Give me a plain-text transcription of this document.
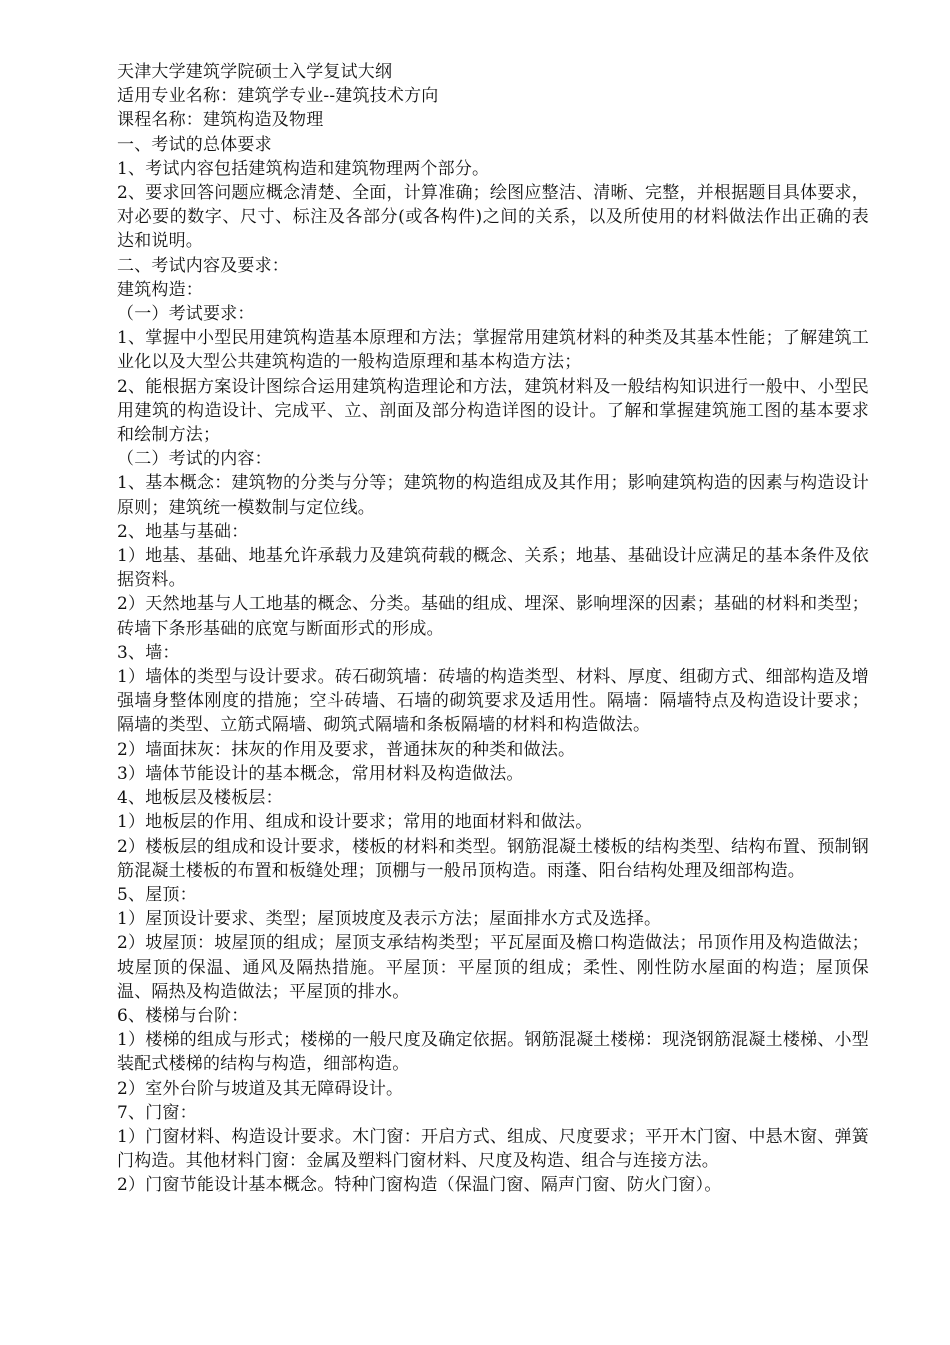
天津大学建筑学院硕士入学复试大纲

适用专业名称：建筑学专业--建筑技术方向

课程名称：建筑构造及物理

一、考试的总体要求

1、考试内容包括建筑构造和建筑物理两个部分。

2、要求回答问题应概念清楚、全面，计算准确；绘图应整洁、清晰、完整，并根据题目具体要求，对必要的数字、尺寸、标注及各部分(或各构件)之间的关系，以及所使用的材料做法作出正确的表达和说明。

二、考试内容及要求：

建筑构造：

（一）考试要求：

1、掌握中小型民用建筑构造基本原理和方法；掌握常用建筑材料的种类及其基本性能；了解建筑工业化以及大型公共建筑构造的一般构造原理和基本构造方法；

2、能根据方案设计图综合运用建筑构造理论和方法，建筑材料及一般结构知识进行一般中、小型民用建筑的构造设计、完成平、立、剖面及部分构造详图的设计。了解和掌握建筑施工图的基本要求和绘制方法；

（二）考试的内容：

1、基本概念：建筑物的分类与分等；建筑物的构造组成及其作用；影响建筑构造的因素与构造设计原则；建筑统一模数制与定位线。

2、地基与基础：

1）地基、基础、地基允许承载力及建筑荷载的概念、关系；地基、基础设计应满足的基本条件及依据资料。

2）天然地基与人工地基的概念、分类。基础的组成、埋深、影响埋深的因素；基础的材料和类型；砖墙下条形基础的底宽与断面形式的形成。

3、墙：

1）墙体的类型与设计要求。砖石砌筑墙：砖墙的构造类型、材料、厚度、组砌方式、细部构造及增强墙身整体刚度的措施；空斗砖墙、石墙的砌筑要求及适用性。隔墙：隔墙特点及构造设计要求；隔墙的类型、立筋式隔墙、砌筑式隔墙和条板隔墙的材料和构造做法。

2）墙面抹灰：抹灰的作用及要求，普通抹灰的种类和做法。

3）墙体节能设计的基本概念，常用材料及构造做法。

4、地板层及楼板层：

1）地板层的作用、组成和设计要求；常用的地面材料和做法。

2）楼板层的组成和设计要求，楼板的材料和类型。钢筋混凝土楼板的结构类型、结构布置、预制钢筋混凝土楼板的布置和板缝处理；顶棚与一般吊顶构造。雨蓬、阳台结构处理及细部构造。

5、屋顶：

1）屋顶设计要求、类型；屋顶坡度及表示方法；屋面排水方式及选择。

2）坡屋顶：坡屋顶的组成；屋顶支承结构类型；平瓦屋面及檐口构造做法；吊顶作用及构造做法；坡屋顶的保温、通风及隔热措施。平屋顶：平屋顶的组成；柔性、刚性防水屋面的构造；屋顶保温、隔热及构造做法；平屋顶的排水。

6、楼梯与台阶：

1）楼梯的组成与形式；楼梯的一般尺度及确定依据。钢筋混凝土楼梯：现浇钢筋混凝土楼梯、小型装配式楼梯的结构与构造，细部构造。

2）室外台阶与坡道及其无障碍设计。

7、门窗：

1）门窗材料、构造设计要求。木门窗：开启方式、组成、尺度要求；平开木门窗、中悬木窗、弹簧门构造。其他材料门窗：金属及塑料门窗材料、尺度及构造、组合与连接方法。

2）门窗节能设计基本概念。特种门窗构造（保温门窗、隔声门窗、防火门窗）。
